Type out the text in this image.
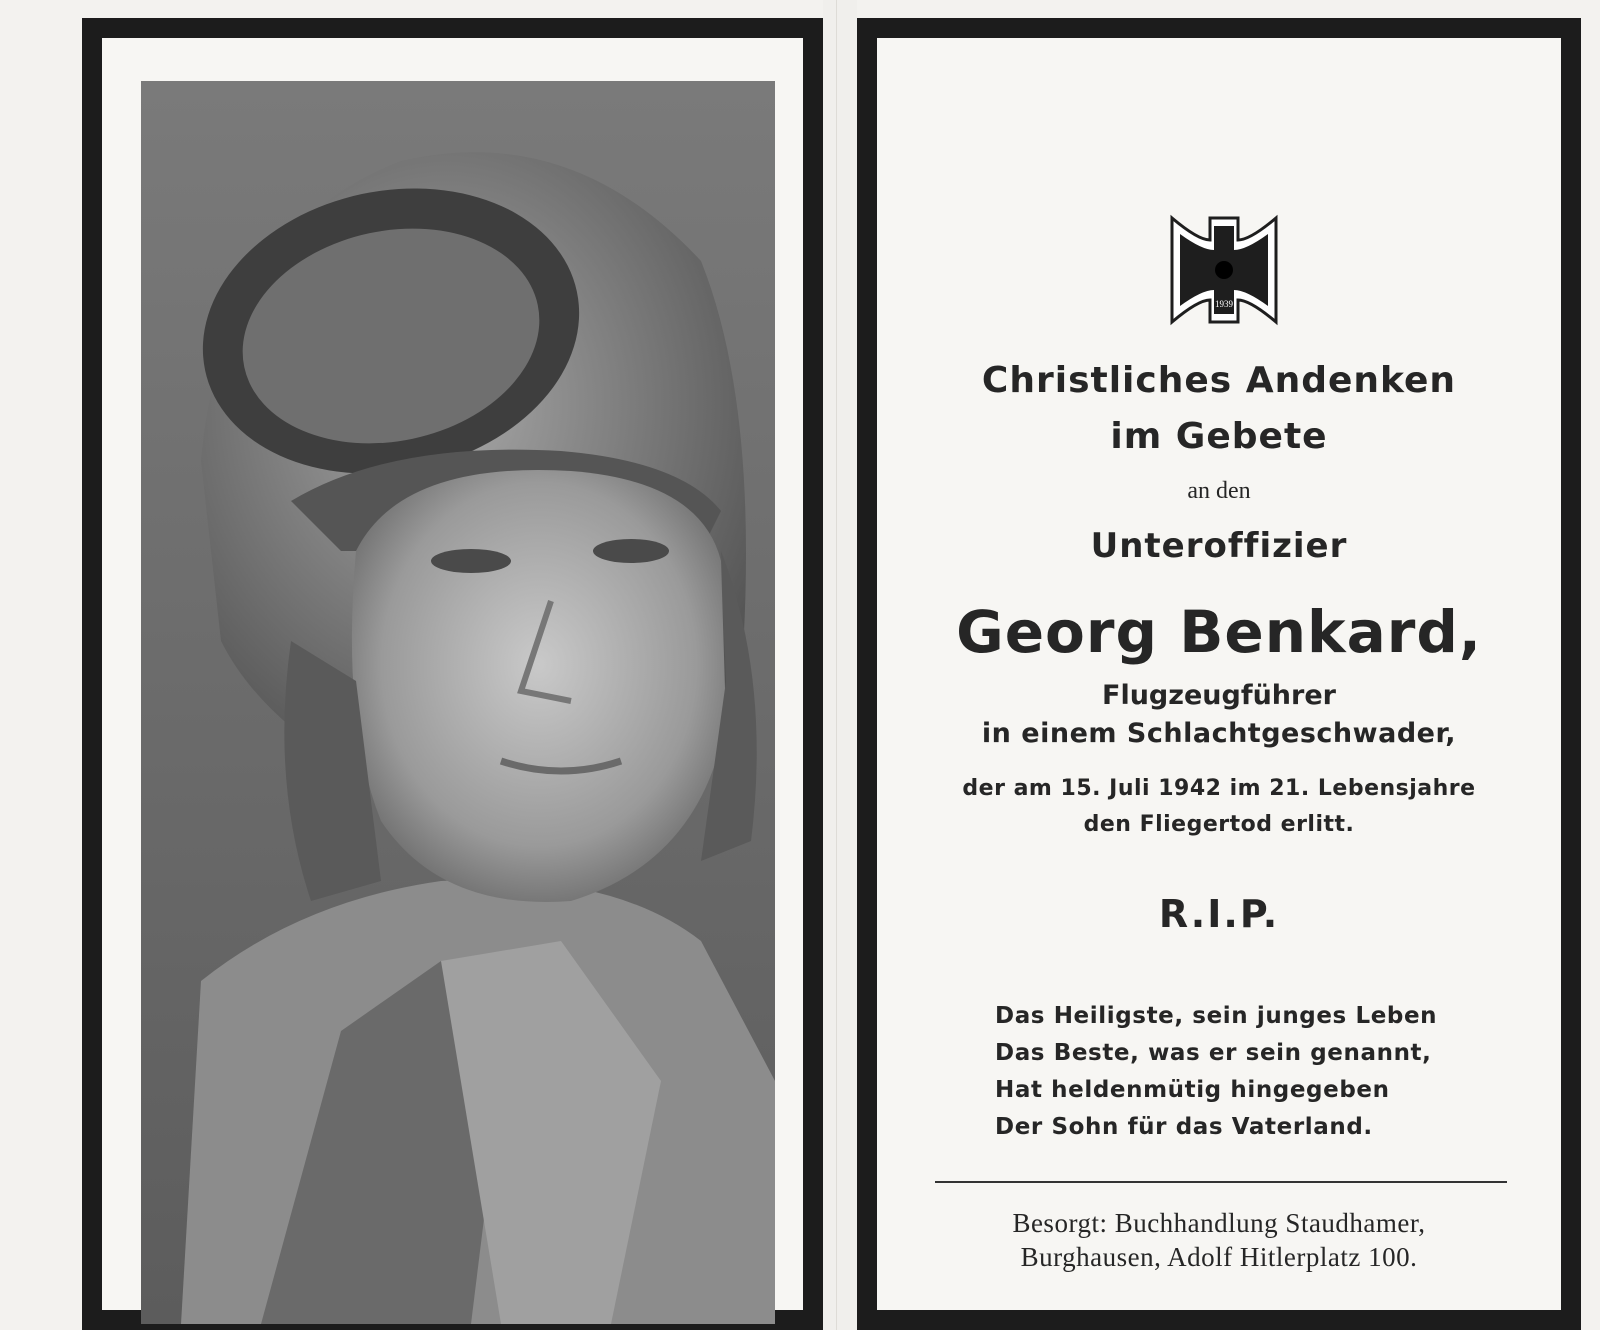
1939
Christliches Andenken
im Gebete
an den
Unteroffizier
Georg Benkard,
Flugzeugführer
in einem Schlachtgeschwader,
der am 15. Juli 1942 im 21. Lebensjahre
den Fliegertod erlitt.
R.I.P.
Das Heiligste, sein junges Leben
Das Beste, was er sein genannt,
Hat heldenmütig hingegeben
Der Sohn für das Vaterland.
Besorgt: Buchhandlung Staudhamer,
Burghausen, Adolf Hitlerplatz 100.
